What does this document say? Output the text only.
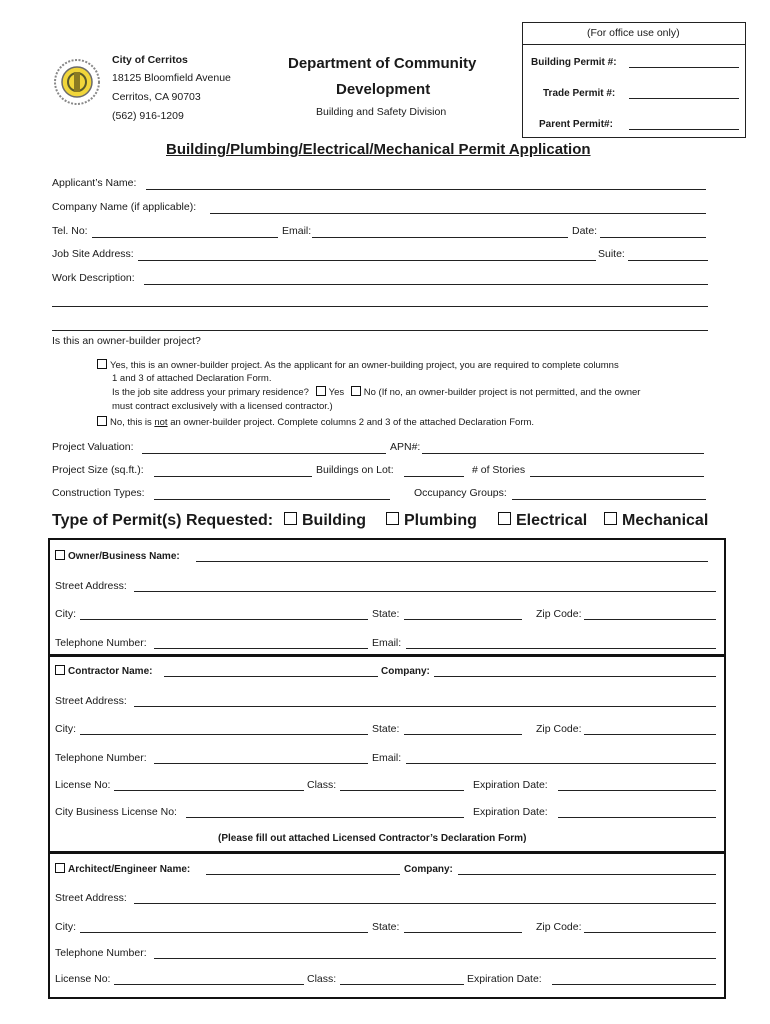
City of Cerritos
18125 Bloomfield Avenue
Cerritos, CA 90703
(562) 916-1209
Department of Community
Development
Building and Safety Division
(For office use only)
Building Permit #:
Trade Permit #:
Parent Permit#:
Building/Plumbing/Electrical/Mechanical Permit Application
Applicant’s Name:
Company Name (if applicable):
Tel. No:	Email:	Date:
Job Site Address:	Suite:
Work Description:
Is this an owner-builder project?
Yes, this is an owner-builder project. As the applicant for an owner-building project, you are required to complete columns
1 and 3 of attached Declaration Form.
Is the job site address your primary residence? Yes No (If no, an owner-builder project is not permitted, and the owner
must contract exclusively with a licensed contractor.)
No, this is not an owner-builder project. Complete columns 2 and 3 of the attached Declaration Form.
Project Valuation:	APN#:
Project Size (sq.ft.):	Buildings on Lot:	# of Stories
Construction Types:	Occupancy Groups:
Type of Permit(s) Requested:	Building	Plumbing	Electrical	Mechanical
Owner/Business Name:
Street Address:
City:	State:	Zip Code:
Telephone Number:	Email:
Contractor Name:	Company:
Street Address:
City:	State:	Zip Code:
Telephone Number:	Email:
License No:	Class:	Expiration Date:
City Business License No:	Expiration Date:
(Please fill out attached Licensed Contractor’s Declaration Form)
Architect/Engineer Name:	Company:
Street Address:
City:	State:	Zip Code:
Telephone Number:
License No:	Class:	Expiration Date:
